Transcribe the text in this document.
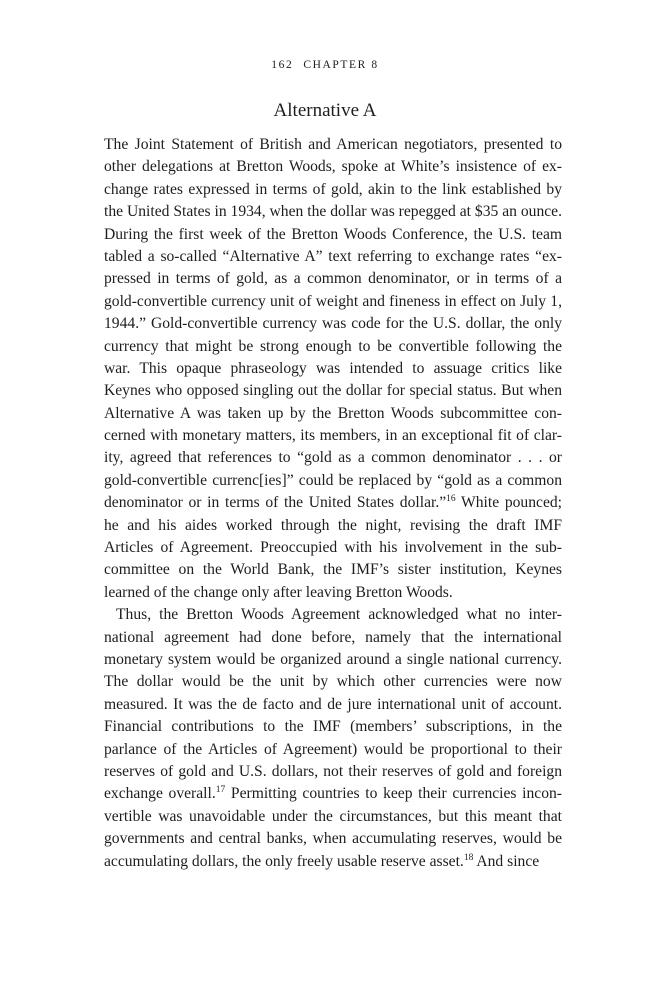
162 CHAPTER 8
Alternative A
The Joint Statement of British and American negotiators, presented to
other delegations at Bretton Woods, spoke at White’s insistence of ex-
change rates expressed in terms of gold, akin to the link established by
the United States in 1934, when the dollar was repegged at $35 an ounce.
During the first week of the Bretton Woods Conference, the U.S. team
tabled a so-called “Alternative A” text referring to exchange rates “ex-
pressed in terms of gold, as a common denominator, or in terms of a
gold-convertible currency unit of weight and fineness in effect on July 1,
1944.” Gold-convertible currency was code for the U.S. dollar, the only
currency that might be strong enough to be convertible following the
war. This opaque phraseology was intended to assuage critics like
Keynes who opposed singling out the dollar for special status. But when
Alternative A was taken up by the Bretton Woods subcommittee con-
cerned with monetary matters, its members, in an exceptional fit of clar-
ity, agreed that references to “gold as a common denominator . . . or
gold-convertible currenc[ies]” could be replaced by “gold as a common
denominator or in terms of the United States dollar.”$^{16}$ White pounced;
he and his aides worked through the night, revising the draft IMF
Articles of Agreement. Preoccupied with his involvement in the sub-
committee on the World Bank, the IMF’s sister institution, Keynes
learned of the change only after leaving Bretton Woods.
Thus, the Bretton Woods Agreement acknowledged what no inter-
national agreement had done before, namely that the international
monetary system would be organized around a single national currency.
The dollar would be the unit by which other currencies were now
measured. It was the de facto and de jure international unit of account.
Financial contributions to the IMF (members’ subscriptions, in the
parlance of the Articles of Agreement) would be proportional to their
reserves of gold and U.S. dollars, not their reserves of gold and foreign
exchange overall.$^{17}$ Permitting countries to keep their currencies incon-
vertible was unavoidable under the circumstances, but this meant that
governments and central banks, when accumulating reserves, would be
accumulating dollars, the only freely usable reserve asset.$^{18}$ And since
